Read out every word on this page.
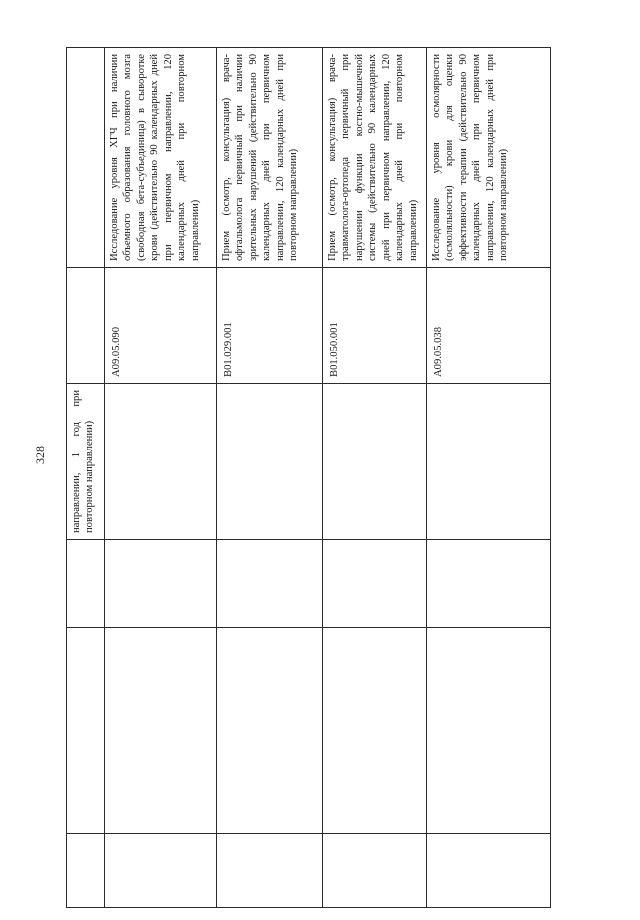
328
				направлении, 1 год при повторном направлении)		
				A09.05.090	Исследование уровня ХГЧ при наличии объемного образования головного мозга (свободная бета-субъединица) в сыворотке крови (действительно 90 календарных дней при первичном направлении, 120 календарных дней при повторном направлении)
				B01.029.001	Прием (осмотр, консультация) врача-офтальмолога первичный при наличии зрительных нарушений (действительно 90 календарных дней при первичном направлении, 120 календарных дней при повторном направлении)
				B01.050.001	Прием (осмотр, консультация) врача-травматолога-ортопеда первичный при нарушении функции костно-мышечной системы (действительно 90 календарных дней при первичном направлении, 120 календарных дней при повторном направлении)
				A09.05.038	Исследование уровня осмолярности (осмоляльности) крови для оценки эффективности терапии (действительно 90 календарных дней при первичном направлении, 120 календарных дней при повторном направлении)
